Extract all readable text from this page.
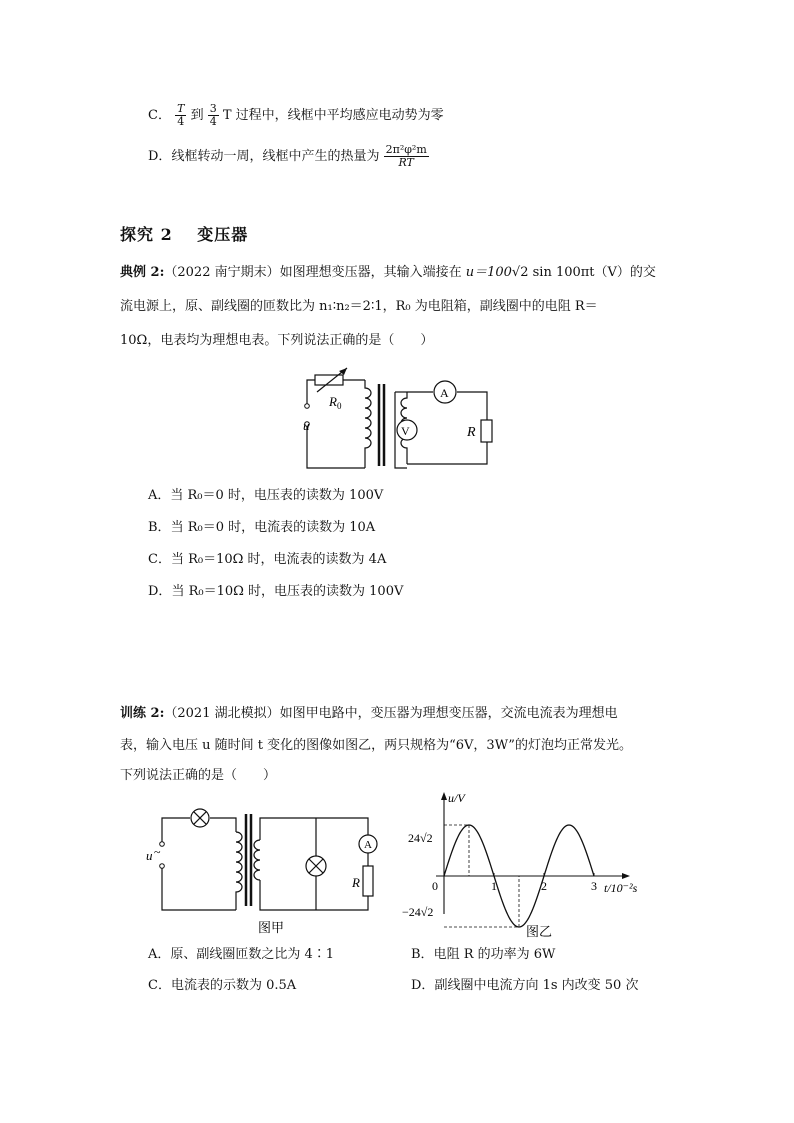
C． $\frac{T}{4}$ 到 $\frac{3}{4}$ T 过程中，线框中平均感应电动势为零
D．线框转动一周，线框中产生的热量为 $\frac{\text{2π²φ²m}}{RT}$
探究 2 变压器
典例 2:（2022 南宁期末）如图理想变压器，其输入端接在 u＝100√2 sin 100πt（V）的交
流电源上，原、副线圈的匝数比为 n₁∶n₂＝2∶1，R₀ 为电阻箱，副线圈中的电阻 R＝
10Ω，电表均为理想电表。下列说法正确的是（　　）
$R_0$
u	V
A
R
A．当 R₀＝0 时，电压表的读数为 100V
B．当 R₀＝0 时，电流表的读数为 10A
C．当 R₀＝10Ω 时，电流表的读数为 4A
D．当 R₀＝10Ω 时，电压表的读数为 100V
训练 2:（2021 湖北模拟）如图甲电路中，变压器为理想变压器，交流电流表为理想电
表，输入电压 u 随时间 t 变化的图像如图乙，两只规格为“6V，3W”的灯泡均正常发光。
下列说法正确的是（　　）
u ~	A
R
图甲
1	2	3
u/V
t/10⁻²s
24√2
−24√2
0
图乙
A．原、副线圈匝数之比为 4∶1	B．电阻 R 的功率为 6W
C．电流表的示数为 0.5A	D．副线圈中电流方向 1s 内改变 50 次
